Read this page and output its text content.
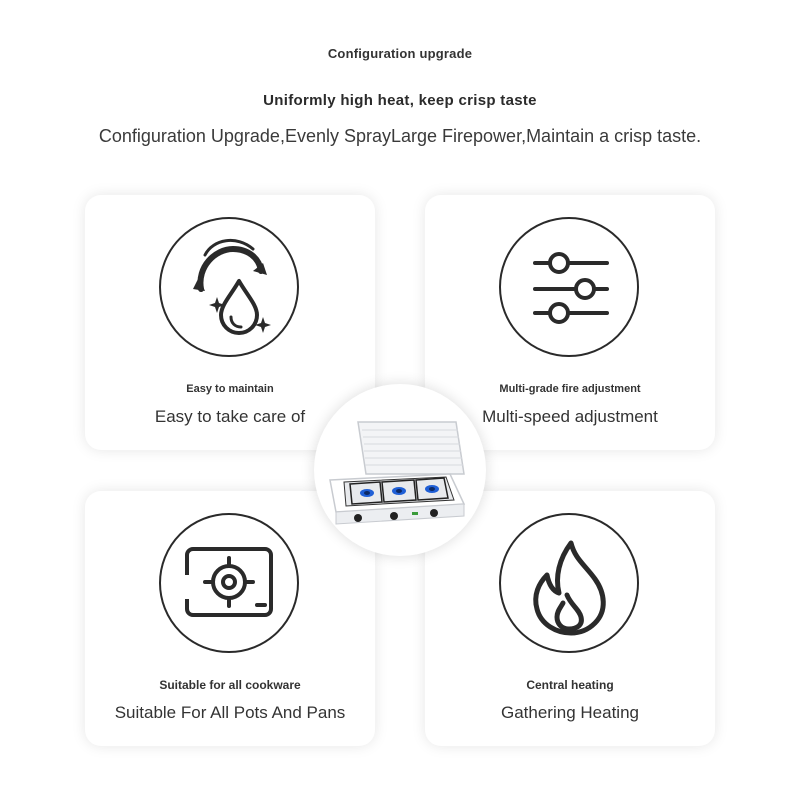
Configuration upgrade
Uniformly high heat, keep crisp taste
Configuration Upgrade,Evenly SprayLarge Firepower,Maintain a crisp taste.
Easy to maintain
Easy to take care of
Multi-grade fire adjustment
Multi-speed adjustment
Suitable for all cookware
Suitable For All Pots And Pans
Central heating
Gathering Heating
